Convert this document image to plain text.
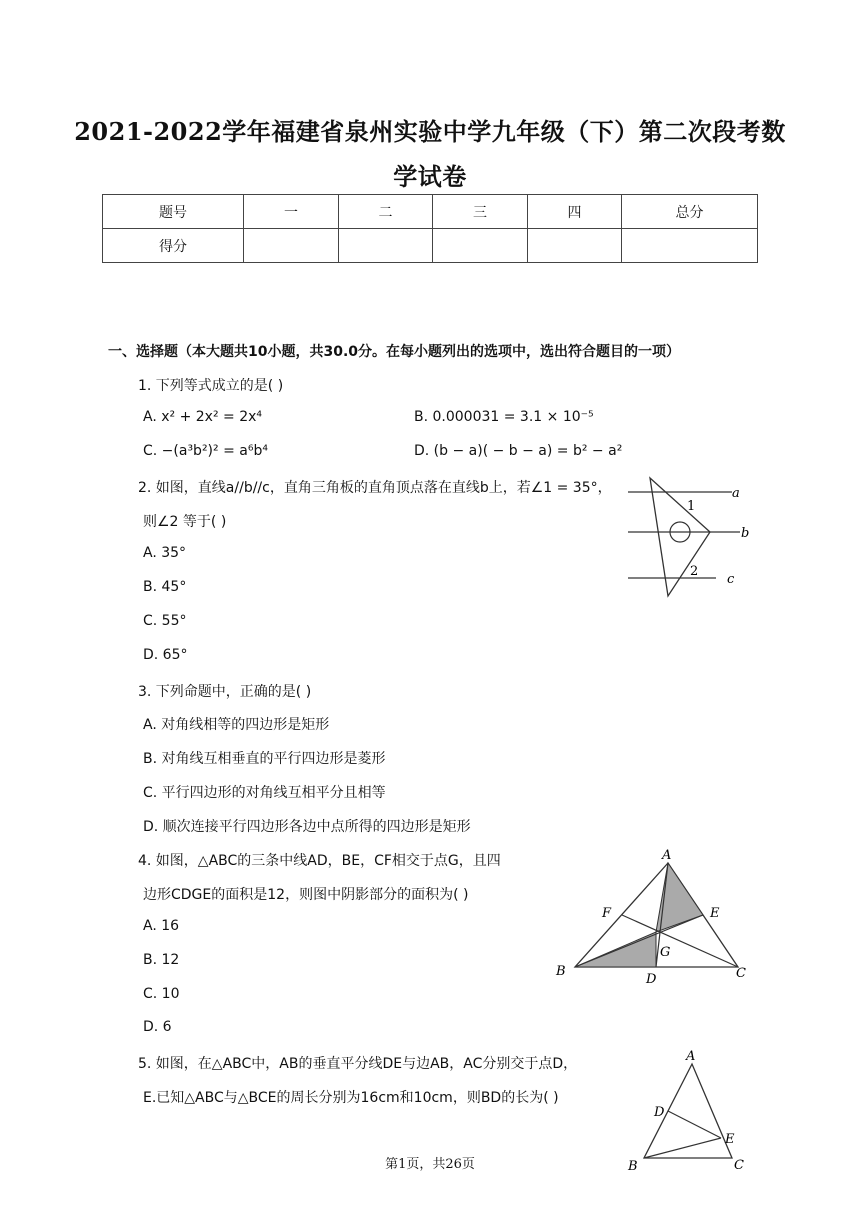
2021-2022学年福建省泉州实验中学九年级（下）第二次段考数
学试卷
题号	一	二	三	四	总分
得分					
一、选择题（本大题共10小题，共30.0分。在每小题列出的选项中，选出符合题目的一项）
1. 下列等式成立的是( )
A. x² + 2x² = 2x⁴	B. 0.000031 = 3.1 × 10⁻⁵
C. −(a³b²)² = a⁶b⁴	D. (b − a)( − b − a) = b² − a²
2. 如图，直线a//b//c，直角三角板的直角顶点落在直线b上，若∠1 = 35°，
则∠2 等于( )
A. 35°
B. 45°
C. 55°
D. 65°
a
b
c
1
2
3. 下列命题中，正确的是( )
A. 对角线相等的四边形是矩形
B. 对角线互相垂直的平行四边形是菱形
C. 平行四边形的对角线互相平分且相等
D. 顺次连接平行四边形各边中点所得的四边形是矩形
4. 如图，△ABC的三条中线AD，BE，CF相交于点G，且四
边形CDGE的面积是12，则图中阴影部分的面积为( )
A. 16
B. 12
C. 10
D. 6
A
B	C
D
E
F
G
5. 如图，在△ABC中，AB的垂直平分线DE与边AB，AC分别交于点D，
E.已知△ABC与△BCE的周长分别为16cm和10cm，则BD的长为( )
A
B	C
D
E
第1页，共26页
